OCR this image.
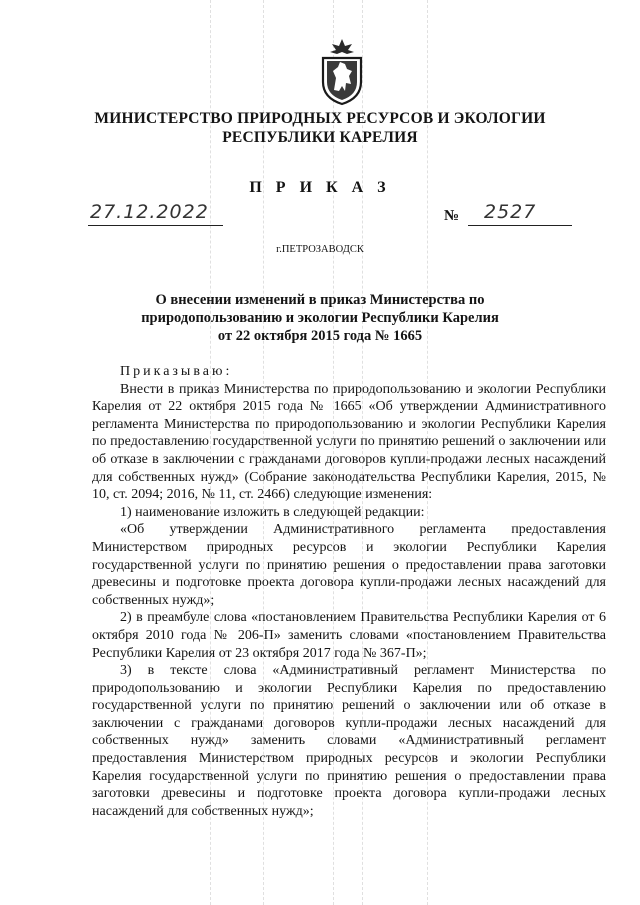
МИНИСТЕРСТВО ПРИРОДНЫХ РЕСУРСОВ И ЭКОЛОГИИ
РЕСПУБЛИКИ КАРЕЛИЯ
П Р И К А З
27.12.2022	№ 2527
г.ПЕТРОЗАВОДСК
О внесении изменений в приказ Министерства по
природопользованию и экологии Республики Карелия
от 22 октября 2015 года № 1665

Приказываю:

Внести в приказ Министерства по природопользованию и экологии Республики Карелия от 22 октября 2015 года № 1665 «Об утверждении Административного регламента Министерства по природопользованию и экологии Республики Карелия по предоставлению государственной услуги по принятию решений о заключении или об отказе в заключении с гражданами договоров купли-продажи лесных насаждений для собственных нужд» (Собрание законодательства Республики Карелия, 2015, № 10, ст. 2094; 2016, № 11, ст. 2466) следующие изменения:

1) наименование изложить в следующей редакции:

«Об утверждении Административного регламента предоставления Министерством природных ресурсов и экологии Республики Карелия государственной услуги по принятию решения о предоставлении права заготовки древесины и подготовке проекта договора купли-продажи лесных насаждений для собственных нужд»;

2) в преамбуле слова «постановлением Правительства Республики Карелия от 6 октября 2010 года № 206-П» заменить словами «постановлением Правительства Республики Карелия от 23 октября 2017 года № 367-П»;

3) в тексте слова «Административный регламент Министерства по природопользованию и экологии Республики Карелия по предоставлению государственной услуги по принятию решений о заключении или об отказе в заключении с гражданами договоров купли-продажи лесных насаждений для собственных нужд» заменить словами «Административный регламент предоставления Министерством природных ресурсов и экологии Республики Карелия государственной услуги по принятию решения о предоставлении права заготовки древесины и подготовке проекта договора купли-продажи лесных насаждений для собственных нужд»;
